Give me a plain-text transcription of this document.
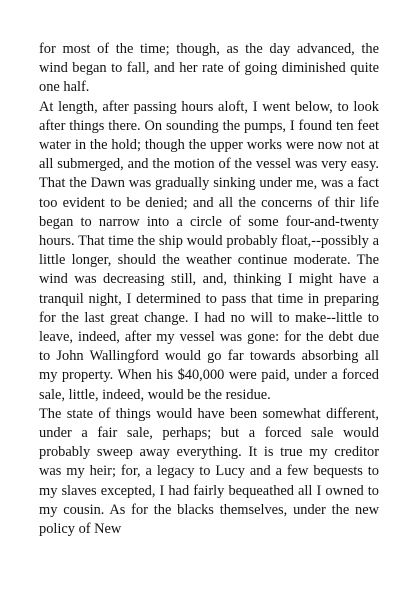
for most of the time; though, as the day advanced, the wind began to fall, and her rate of going diminished quite one half.

At length, after passing hours aloft, I went below, to look after things there. On sounding the pumps, I found ten feet water in the hold; though the upper works were now not at all submerged, and the motion of the vessel was very easy. That the Dawn was gradually sinking under me, was a fact too evident to be denied; and all the concerns of thir life began to narrow into a circle of some four-and-twenty hours. That time the ship would probably float,--possibly a little longer, should the weather continue moderate. The wind was decreasing still, and, thinking I might have a tranquil night, I determined to pass that time in preparing for the last great change. I had no will to make--little to leave, indeed, after my vessel was gone: for the debt due to John Wallingford would go far towards absorbing all my property. When his $40,000 were paid, under a forced sale, little, indeed, would be the residue.

The state of things would have been somewhat different, under a fair sale, perhaps; but a forced sale would probably sweep away everything. It is true my creditor was my heir; for, a legacy to Lucy and a few bequests to my slaves excepted, I had fairly bequeathed all I owned to my cousin. As for the blacks themselves, under the new policy of New
